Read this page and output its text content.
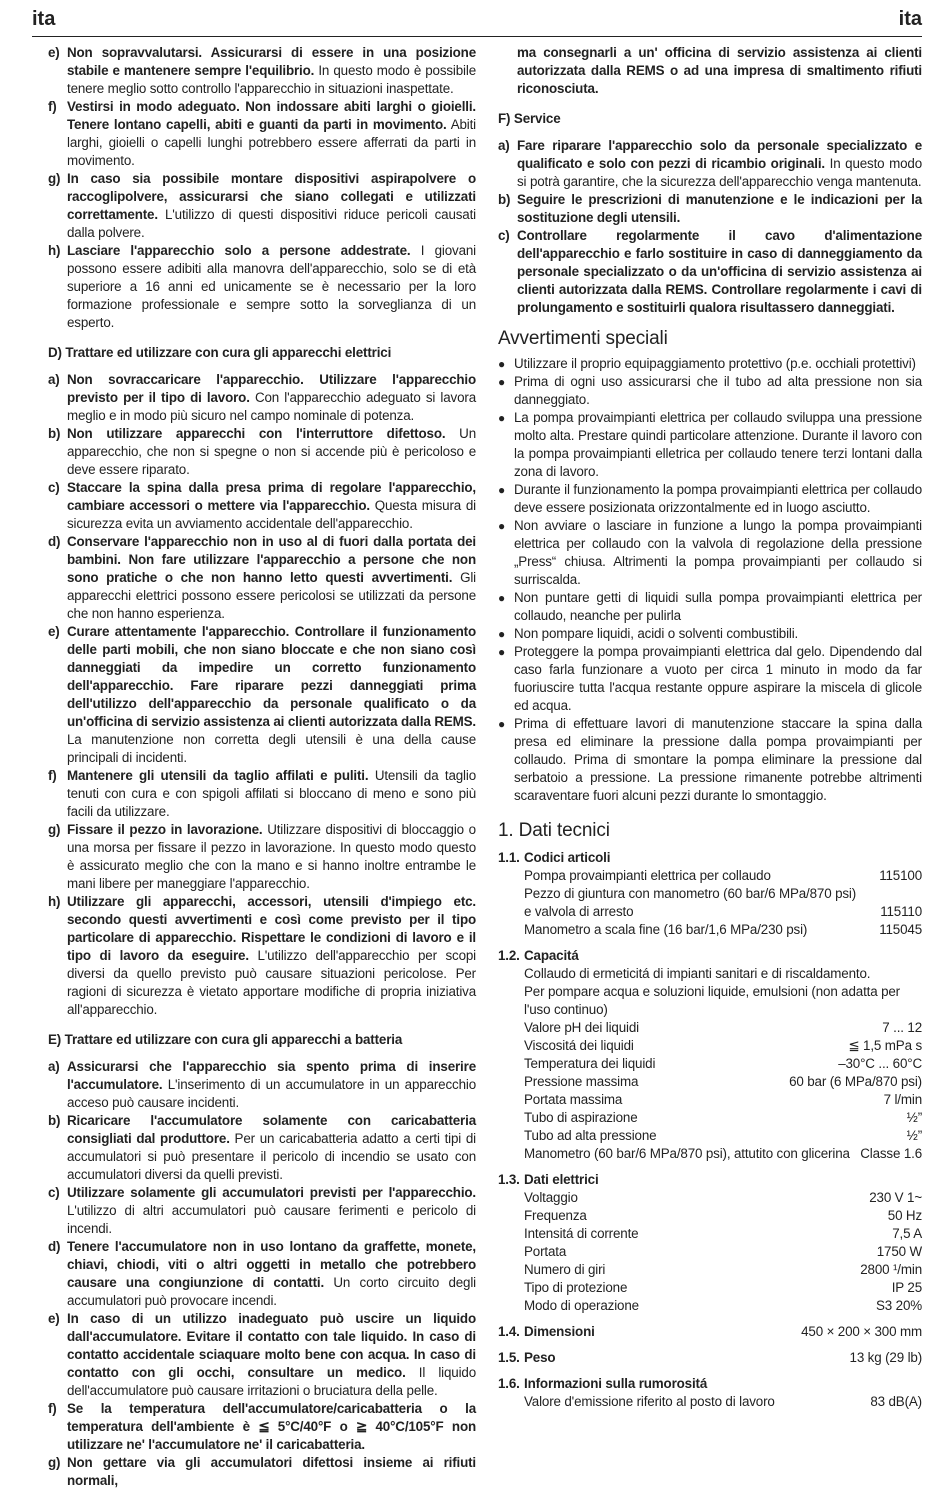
ita	ita
e) Non sopravvalutarsi. Assicurarsi di essere in una posizione stabile e mantenere sempre l'equilibrio. In questo modo è possibile tenere meglio sotto controllo l'apparecchio in situazioni inaspettate.
f) Vestirsi in modo adeguato. Non indossare abiti larghi o gioielli. Tenere lontano capelli, abiti e guanti da parti in movimento. Abiti larghi, gioielli o capelli lunghi potrebbero essere afferrati da parti in movimento.
g) In caso sia possibile montare dispositivi aspirapolvere o raccoglipolvere, assicurarsi che siano collegati e utilizzati correttamente. L'utilizzo di questi dispositivi riduce pericoli causati dalla polvere.
h) Lasciare l'apparecchio solo a persone addestrate. I giovani possono essere adibiti alla manovra dell'apparecchio, solo se di età superiore a 16 anni ed unicamente se è necessario per la loro formazione professionale e sempre sotto la sorveglianza di un esperto.
D) Trattare ed utilizzare con cura gli apparecchi elettrici
a) Non sovraccaricare l'apparecchio. Utilizzare l'apparecchio previsto per il tipo di lavoro. Con l'apparecchio adeguato si lavora meglio e in modo più sicuro nel campo nominale di potenza.
b) Non utilizzare apparecchi con l'interruttore difettoso. Un apparecchio, che non si spegne o non si accende più è pericoloso e deve essere riparato.
c) Staccare la spina dalla presa prima di regolare l'apparecchio, cambiare accessori o mettere via l'apparecchio. Questa misura di sicurezza evita un avviamento accidentale dell'apparecchio.
d) Conservare l'apparecchio non in uso al di fuori dalla portata dei bambini. Non fare utilizzare l'apparecchio a persone che non sono pratiche o che non hanno letto questi avvertimenti. Gli apparecchi elettrici possono essere pericolosi se utilizzati da persone che non hanno esperienza.
e) Curare attentamente l'apparecchio. Controllare il funzionamento delle parti mobili, che non siano bloccate e che non siano così danneggiati da impedire un corretto funzionamento dell'apparecchio. Fare riparare pezzi danneggiati prima dell'utilizzo dell'apparecchio da personale qualificato o da un'officina di servizio assistenza ai clienti autorizzata dalla REMS. La manutenzione non corretta degli utensili è una della cause principali di incidenti.
f) Mantenere gli utensili da taglio affilati e puliti. Utensili da taglio tenuti con cura e con spigoli affilati si bloccano di meno e sono più facili da utilizzare.
g) Fissare il pezzo in lavorazione. Utilizzare dispositivi di bloccaggio o una morsa per fissare il pezzo in lavorazione. In questo modo questo è assicurato meglio che con la mano e si hanno inoltre entrambe le mani libere per maneggiare l'apparecchio.
h) Utilizzare gli apparecchi, accessori, utensili d'impiego etc. secondo questi avvertimenti e così come previsto per il tipo particolare di apparecchio. Rispettare le condizioni di lavoro e il tipo di lavoro da eseguire. L'utilizzo dell'apparecchio per scopi diversi da quello previsto può causare situazioni pericolose. Per ragioni di sicurezza è vietato apportare modifiche di propria iniziativa all'apparecchio.
E) Trattare ed utilizzare con cura gli apparecchi a batteria
a) Assicurarsi che l'apparecchio sia spento prima di inserire l'accumulatore. L'inserimento di un accumulatore in un apparecchio acceso può causare incidenti.
b) Ricaricare l'accumulatore solamente con caricabatteria consigliati dal produttore. Per un caricabatteria adatto a certi tipi di accumulatori si può presentare il pericolo di incendio se usato con accumulatori diversi da quelli previsti.
c) Utilizzare solamente gli accumulatori previsti per l'apparecchio. L'utilizzo di altri accumulatori può causare ferimenti e pericolo di incendi.
d) Tenere l'accumulatore non in uso lontano da graffette, monete, chiavi, chiodi, viti o altri oggetti in metallo che potrebbero causare una congiunzione di contatti. Un corto circuito degli accumulatori può provocare incendi.
e) In caso di un utilizzo inadeguato può uscire un liquido dall'accumulatore. Evitare il contatto con tale liquido. In caso di contatto accidentale sciaquare molto bene con acqua. In caso di contatto con gli occhi, consultare un medico. Il liquido dell'accumulatore può causare irritazioni o bruciatura della pelle.
f) Se la temperatura dell'accumulatore/caricabatteria o la temperatura dell'ambiente è ≦ 5°C/40°F o ≧ 40°C/105°F non utilizzare ne' l'accumulatore ne' il caricabatteria.
g) Non gettare via gli accumulatori difettosi insieme ai rifiuti normali,
ma consegnarli a un' officina di servizio assistenza ai clienti autorizzata dalla REMS o ad una impresa di smaltimento rifiuti riconosciuta.
F) Service
a) Fare riparare l'apparecchio solo da personale specializzato e qualificato e solo con pezzi di ricambio originali. In questo modo si potrà garantire, che la sicurezza dell'apparecchio venga mantenuta.
b) Seguire le prescrizioni di manutenzione e le indicazioni per la sostituzione degli utensili.
c) Controllare regolarmente il cavo d'alimentazione dell'apparecchio e farlo sostituire in caso di danneggiamento da personale specializzato o da un'officina di servizio assistenza ai clienti autorizzata dalla REMS. Controllare regolarmente i cavi di prolungamento e sostituirli qualora risultassero danneggiati.
Avvertimenti speciali
● Utilizzare il proprio equipaggiamento protettivo (p.e. occhiali protettivi)
● Prima di ogni uso assicurarsi che il tubo ad alta pressione non sia danneggiato.
● La pompa provaimpianti elettrica per collaudo sviluppa una pressione molto alta. Prestare quindi particolare attenzione. Durante il lavoro con la pompa provaimpianti elletrica per collaudo tenere terzi lontani dalla zona di lavoro.
● Durante il funzionamento la pompa provaimpianti elettrica per collaudo deve essere posizionata orizzontalmente ed in luogo asciutto.
● Non avviare o lasciare in funzione a lungo la pompa provaimpianti elettrica per collaudo con la valvola di regolazione della pressione „Press“ chiusa. Altrimenti la pompa provaimpianti per collaudo si surriscalda.
● Non puntare getti di liquidi sulla pompa provaimpianti elettrica per collaudo, neanche per pulirla
● Non pompare liquidi, acidi o solventi combustibili.
● Proteggere la pompa provaimpianti elettrica dal gelo. Dipendendo dal caso farla funzionare a vuoto per circa 1 minuto in modo da far fuoriuscire tutta l'acqua restante oppure aspirare la miscela di glicole ed acqua.
● Prima di effettuare lavori di manutenzione staccare la spina dalla presa ed eliminare la pressione dalla pompa provaimpianti per collaudo. Prima di smontare la pompa eliminare la pressione dal serbatoio a pressione. La pressione rimanente potrebbe altrimenti scaraventare fuori alcuni pezzi durante lo smontaggio.
1. Dati tecnici
1.1. Codici articoli
Pompa provaimpianti elettrica per collaudo	115100
Pezzo di giuntura con manometro (60 bar/6 MPa/870 psi)
e valvola di arresto	115110
Manometro a scala fine (16 bar/1,6 MPa/230 psi)	115045
1.2. Capacitá
Collaudo di ermeticitá di impianti sanitari e di riscaldamento.
Per pompare acqua e soluzioni liquide, emulsioni (non adatta per l'uso continuo)
Valore pH dei liquidi	7 ... 12
Viscositá dei liquidi	≦ 1,5 mPa s
Temperatura dei liquidi	–30°C ... 60°C
Pressione massima	60 bar (6 MPa/870 psi)
Portata massima	7 l/min
Tubo di aspirazione	½”
Tubo ad alta pressione	½”
Manometro (60 bar/6 MPa/870 psi), attutito con glicerina Classe 1.6
1.3. Dati elettrici
Voltaggio	230 V 1~
Frequenza	50 Hz
Intensitá di corrente	7,5 A
Portata	1750 W
Numero di giri	2800 ¹/min
Tipo di protezione	IP 25
Modo di operazione	S3 20%
1.4. Dimensioni	450 × 200 × 300 mm
1.5. Peso	13 kg (29 lb)
1.6. Informazioni sulla rumorositá
Valore d'emissione riferito al posto di lavoro	83 dB(A)
